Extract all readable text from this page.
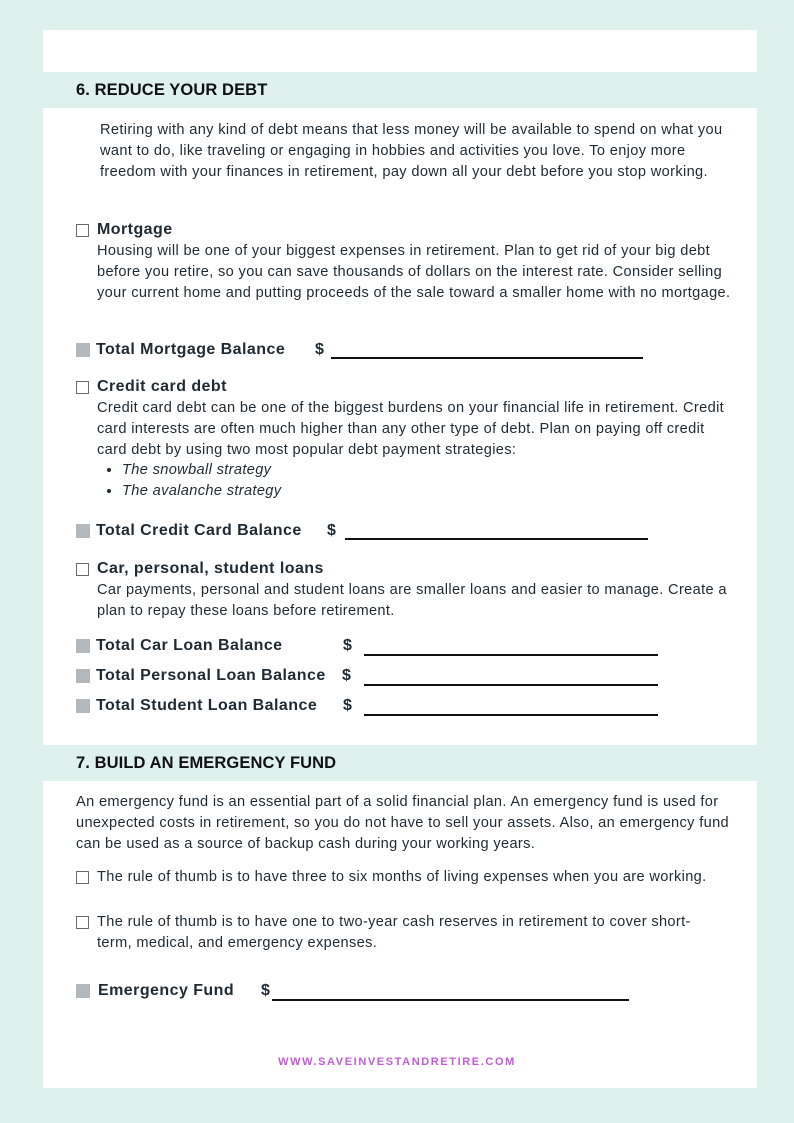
6. REDUCE YOUR DEBT

Retiring with any kind of debt means that less money will be available to spend on what you want to do, like traveling or engaging in hobbies and activities you love. To enjoy more freedom with your finances in retirement, pay down all your debt before you stop working.

Mortgage

Housing will be one of your biggest expenses in retirement. Plan to get rid of your big debt before you retire, so you can save thousands of dollars on the interest rate. Consider selling your current home and putting proceeds of the sale toward a smaller home with no mortgage.

Total Mortgage Balance $
Credit card debt

Credit card debt can be one of the biggest burdens on your financial life in retirement. Credit card interests are often much higher than any other type of debt. Plan on paying off credit card debt by using two most popular debt payment strategies:

• The snowball strategy
• The avalanche strategy
Total Credit Card Balance $
Car, personal, student loans

Car payments, personal and student loans are smaller loans and easier to manage. Create a plan to repay these loans before retirement.

Total Car Loan Balance	$
Total Personal Loan Balance $
Total Student Loan Balance $
7. BUILD AN EMERGENCY FUND

An emergency fund is an essential part of a solid financial plan. An emergency fund is used for unexpected costs in retirement, so you do not have to sell your assets. Also, an emergency fund can be used as a source of backup cash during your working years.

The rule of thumb is to have three to six months of living expenses when you are working.

The rule of thumb is to have one to two-year cash reserves in retirement to cover short-term, medical, and emergency expenses.

Emergency Fund $
WWW.SAVEINVESTANDRETIRE.COM
